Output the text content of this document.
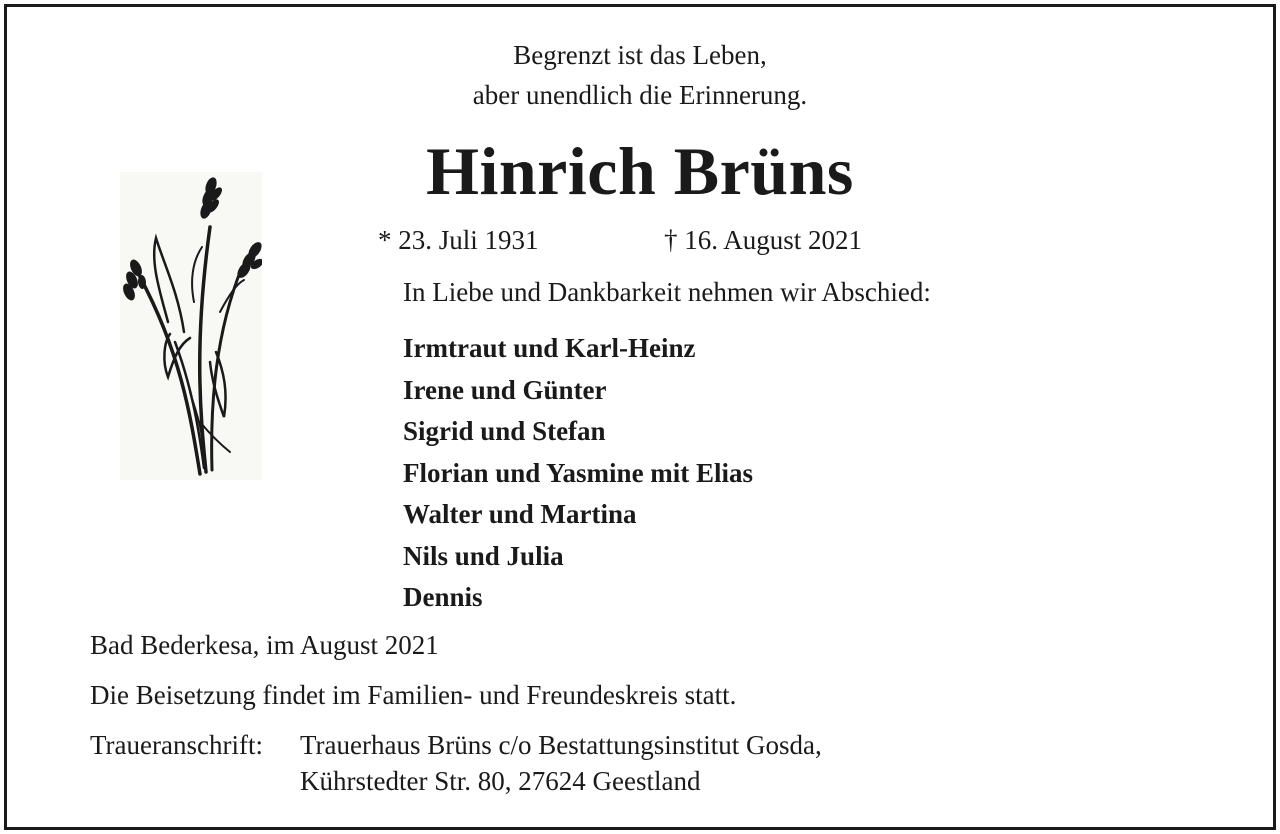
Begrenzt ist das Leben,
aber unendlich die Erinnerung.
Hinrich Brüns
* 23. Juli 1931	† 16. August 2021
In Liebe und Dankbarkeit nehmen wir Abschied:
Irmtraut und Karl-Heinz
Irene und Günter
Sigrid und Stefan
Florian und Yasmine mit Elias
Walter und Martina
Nils und Julia
Dennis
Bad Bederkesa, im August 2021
Die Beisetzung findet im Familien- und Freundeskreis statt.
Traueranschrift: Trauerhaus Brüns c/o Bestattungsinstitut Gosda,
Kührstedter Str. 80, 27624 Geestland
